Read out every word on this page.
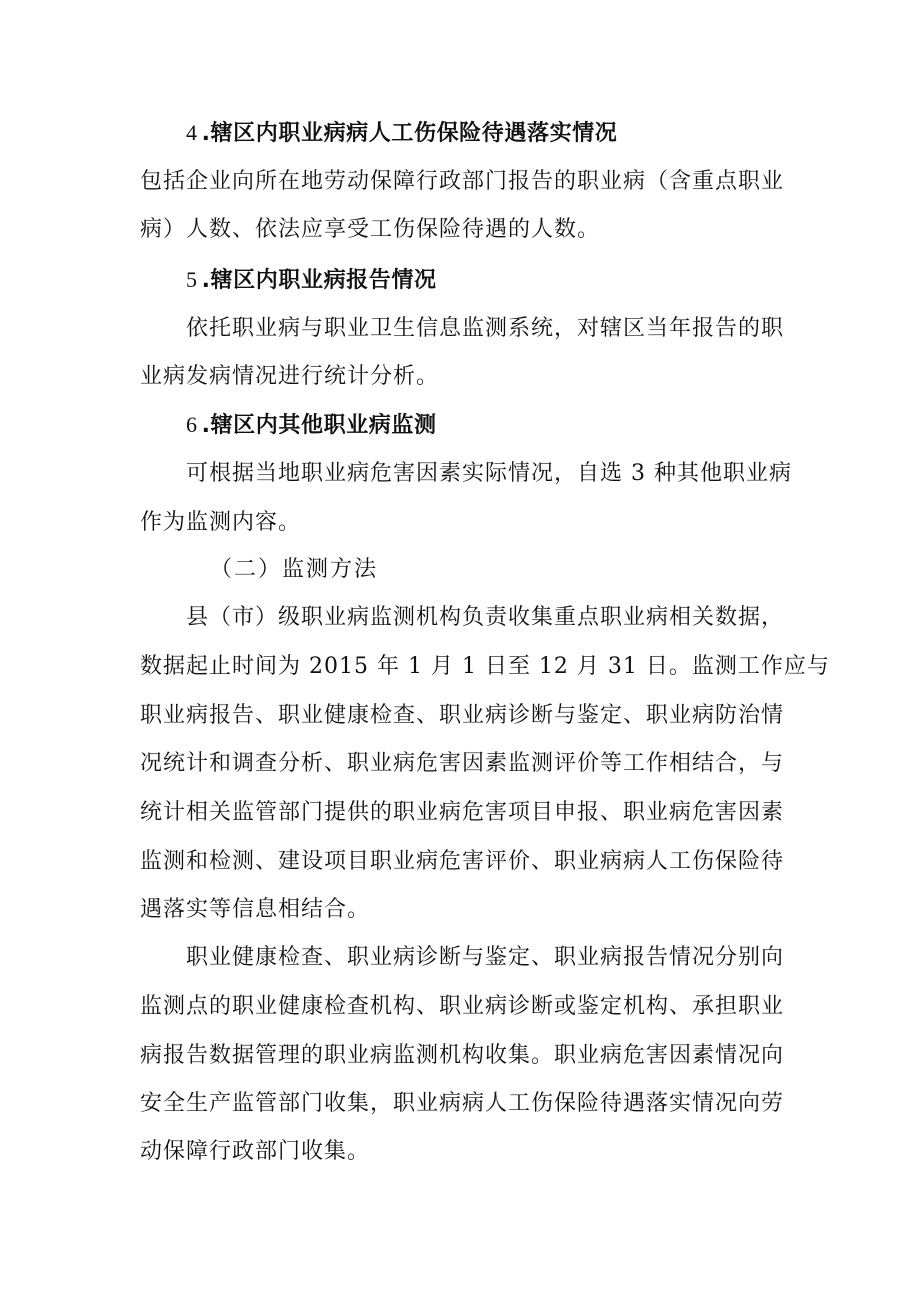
4 .辖区内职业病病人工伤保险待遇落实情况
包括企业向所在地劳动保障行政部门报告的职业病（含重点职业
病）人数、依法应享受工伤保险待遇的人数。
5 .辖区内职业病报告情况
依托职业病与职业卫生信息监测系统，对辖区当年报告的职
业病发病情况进行统计分析。
6 .辖区内其他职业病监测
可根据当地职业病危害因素实际情况，自选 3 种其他职业病
作为监测内容。
（二）监测方法
县（市）级职业病监测机构负责收集重点职业病相关数据，
数据起止时间为 2015 年 1 月 1 日至 12 月 31 日。监测工作应与
职业病报告、职业健康检查、职业病诊断与鉴定、职业病防治情
况统计和调查分析、职业病危害因素监测评价等工作相结合，与
统计相关监管部门提供的职业病危害项目申报、职业病危害因素
监测和检测、建设项目职业病危害评价、职业病病人工伤保险待
遇落实等信息相结合。
职业健康检查、职业病诊断与鉴定、职业病报告情况分别向
监测点的职业健康检查机构、职业病诊断或鉴定机构、承担职业
病报告数据管理的职业病监测机构收集。职业病危害因素情况向
安全生产监管部门收集，职业病病人工伤保险待遇落实情况向劳
动保障行政部门收集。
